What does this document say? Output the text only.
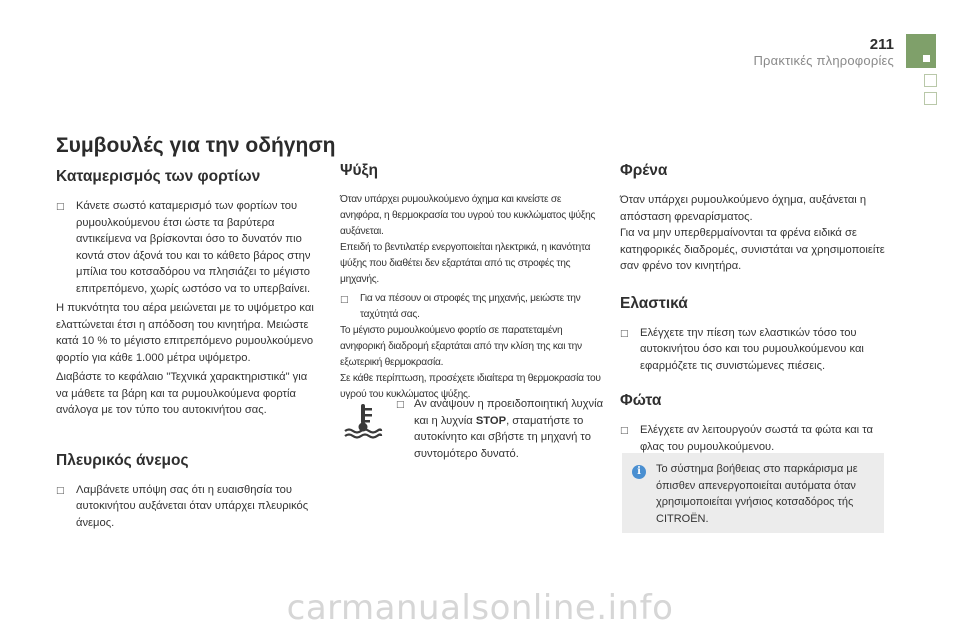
211
Πρακτικές πληροφορίες
Συμβουλές για την οδήγηση
Καταμερισμός των φορτίων
□ Κάνετε σωστό καταμερισμό των φορτίων του ρυμουλκούμενου έτσι ώστε τα βαρύτερα αντικείμενα να βρίσκονται όσο το δυνατόν πιο κοντά στον άξονά του και το κάθετο βάρος στην μπίλια του κοτσαδόρου να πλησιάζει το μέγιστο επιτρεπόμενο, χωρίς ωστόσο να το υπερβαίνει.
Η πυκνότητα του αέρα μειώνεται με το υψόμετρο και ελαττώνεται έτσι η απόδοση του κινητήρα. Μειώστε κατά 10 % το μέγιστο επιτρεπόμενο ρυμουλκούμενο φορτίο για κάθε 1.000 μέτρα υψόμετρο.
Διαβάστε το κεφάλαιο "Τεχνικά χαρακτηριστικά" για να μάθετε τα βάρη και τα ρυμουλκούμενα φορτία ανάλογα με τον τύπο του αυτοκινήτου σας.
Πλευρικός άνεμος
□ Λαμβάνετε υπόψη σας ότι η ευαισθησία του αυτοκινήτου αυξάνεται όταν υπάρχει πλευρικός άνεμος.
Ψύξη
Όταν υπάρχει ρυμουλκούμενο όχημα και κινείστε σε ανηφόρα, η θερμοκρασία του υγρού του κυκλώματος ψύξης αυξάνεται.
Επειδή το βεντιλατέρ ενεργοποιείται ηλεκτρικά, η ικανότητα ψύξης που διαθέτει δεν εξαρτάται από τις στροφές της μηχανής.
□ Για να πέσουν οι στροφές της μηχανής, μειώστε την ταχύτητά σας.
Το μέγιστο ρυμουλκούμενο φορτίο σε παρατεταμένη ανηφορική διαδρομή εξαρτάται από την κλίση της και την εξωτερική θερμοκρασία.
Σε κάθε περίπτωση, προσέχετε ιδιαίτερα τη θερμοκρασία του υγρού του κυκλώματος ψύξης.
□ Αν ανάψουν η προειδοποιητική λυχνία και η λυχνία STOP, σταματήστε το αυτοκίνητο και σβήστε τη μηχανή το συντομότερο δυνατό.
Φρένα
Όταν υπάρχει ρυμουλκούμενο όχημα, αυξάνεται η απόσταση φρεναρίσματος.
Για να μην υπερθερμαίνονται τα φρένα ειδικά σε κατηφορικές διαδρομές, συνιστάται να χρησιμοποιείτε σαν φρένο τον κινητήρα.
Ελαστικά
□ Ελέγχετε την πίεση των ελαστικών τόσο του αυτοκινήτου όσο και του ρυμουλκούμενου και εφαρμόζετε τις συνιστώμενες πιέσεις.
Φώτα
□ Ελέγχετε αν λειτουργούν σωστά τα φώτα και τα φλας του ρυμουλκούμενου.
i	Το σύστημα βοήθειας στο παρκάρισμα με όπισθεν απενεργοποιείται αυτόματα όταν χρησιμοποιείται γνήσιος κοτσαδόρος τής CITROËN.
carmanualsonline.info
